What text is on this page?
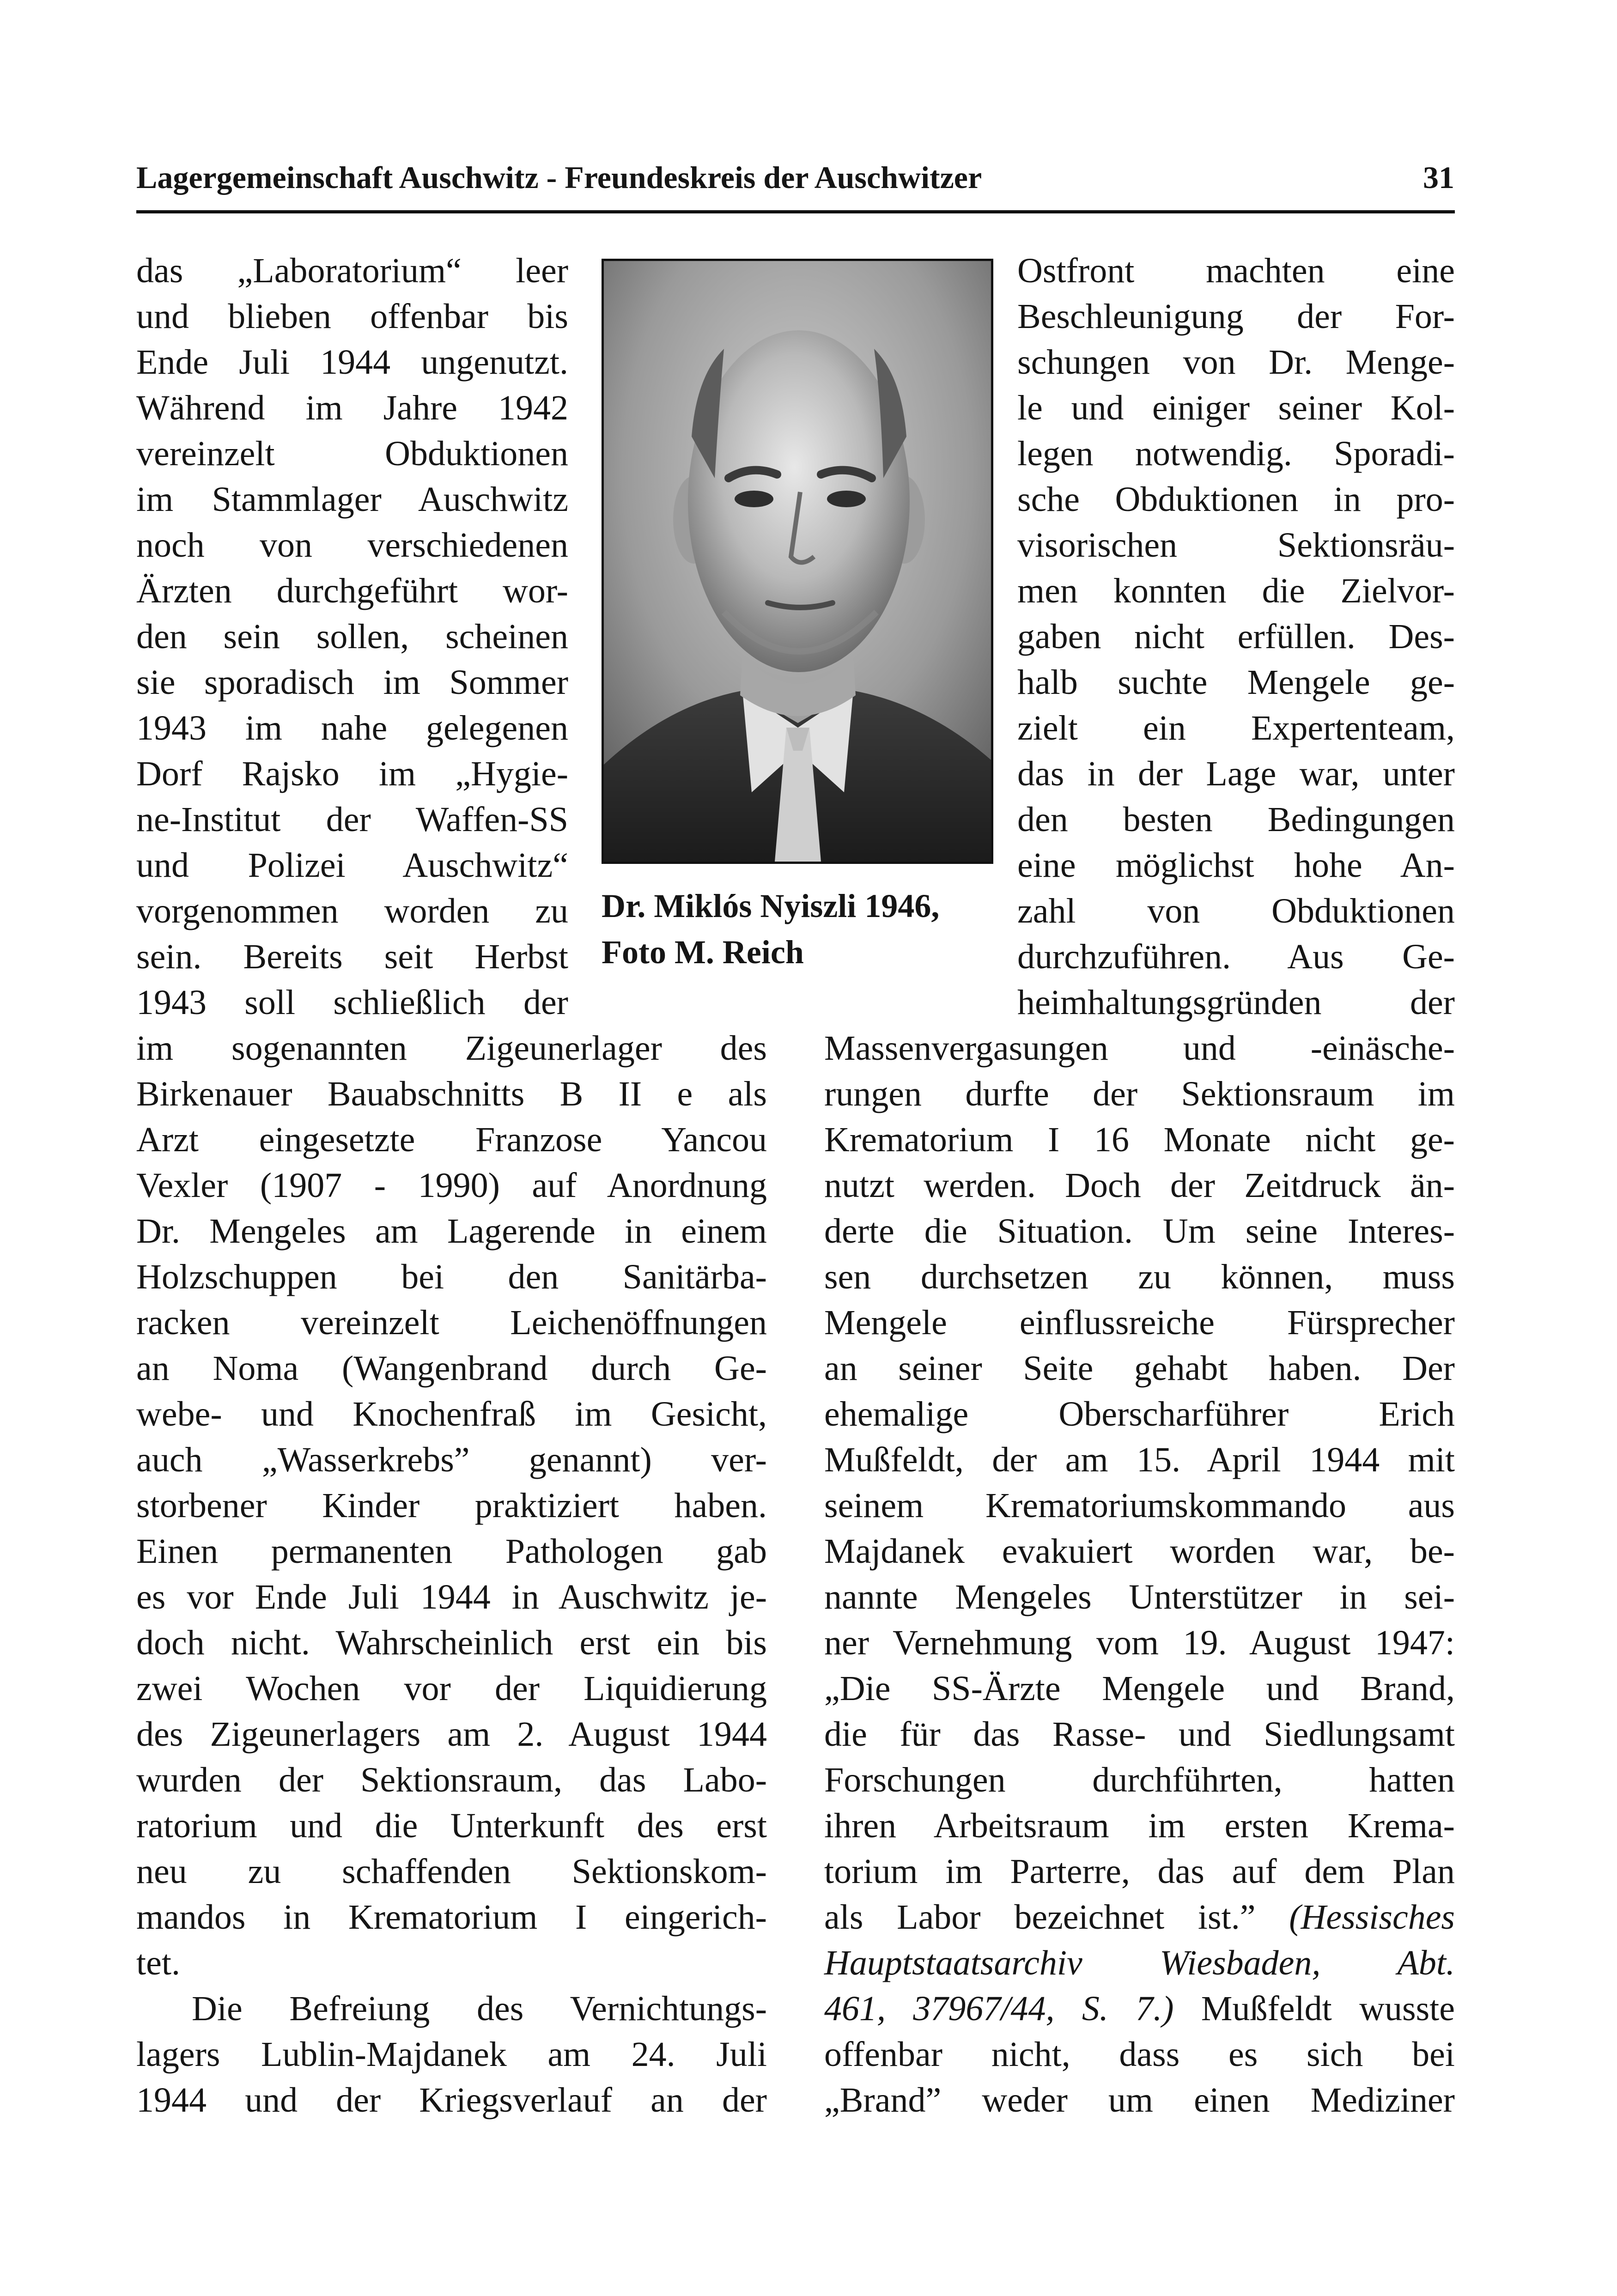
Lagergemeinschaft Auschwitz - Freundeskreis der Auschwitzer	31
Dr. Miklós Nyiszli 1946,
Foto M. Reich
das „Laboratorium“ leer
und blieben offenbar bis
Ende Juli 1944 ungenutzt.
Während im Jahre 1942
vereinzelt Obduktionen
im Stammlager Auschwitz
noch von verschiedenen
Ärzten durchgeführt wor-
den sein sollen, scheinen
sie sporadisch im Sommer
1943 im nahe gelegenen
Dorf Rajsko im „Hygie-
ne-Institut der Waffen-SS
und Polizei Auschwitz“
vorgenommen worden zu
sein. Bereits seit Herbst
1943 soll schließlich der
Ostfront machten eine
Beschleunigung der For-
schungen von Dr. Menge-
le und einiger seiner Kol-
legen notwendig. Sporadi-
sche Obduktionen in pro-
visorischen Sektionsräu-
men konnten die Zielvor-
gaben nicht erfüllen. Des-
halb suchte Mengele ge-
zielt ein Expertenteam,
das in der Lage war, unter
den besten Bedingungen
eine möglichst hohe An-
zahl von Obduktionen
durchzuführen. Aus Ge-
heimhaltungsgründen der
im sogenannten Zigeunerlager des
Birkenauer Bauabschnitts B II e als
Arzt eingesetzte Franzose Yancou
Vexler (1907 - 1990) auf Anordnung
Dr. Mengeles am Lagerende in einem
Holzschuppen bei den Sanitärba-
racken vereinzelt Leichenöffnungen
an Noma (Wangenbrand durch Ge-
webe- und Knochenfraß im Gesicht,
auch „Wasserkrebs” genannt) ver-
storbener Kinder praktiziert haben.
Einen permanenten Pathologen gab
es vor Ende Juli 1944 in Auschwitz je-
doch nicht. Wahrscheinlich erst ein bis
zwei Wochen vor der Liquidierung
des Zigeunerlagers am 2. August 1944
wurden der Sektionsraum, das Labo-
ratorium und die Unterkunft des erst
neu zu schaffenden Sektionskom-
mandos in Krematorium I eingerich-
tet.
Die Befreiung des Vernichtungs-
lagers Lublin-Majdanek am 24. Juli
1944 und der Kriegsverlauf an der
Massenvergasungen und -einäsche-
rungen durfte der Sektionsraum im
Krematorium I 16 Monate nicht ge-
nutzt werden. Doch der Zeitdruck än-
derte die Situation. Um seine Interes-
sen durchsetzen zu können, muss
Mengele einflussreiche Fürsprecher
an seiner Seite gehabt haben. Der
ehemalige Oberscharführer Erich
Mußfeldt, der am 15. April 1944 mit
seinem Krematoriumskommando aus
Majdanek evakuiert worden war, be-
nannte Mengeles Unterstützer in sei-
ner Vernehmung vom 19. August 1947:
„Die SS-Ärzte Mengele und Brand,
die für das Rasse- und Siedlungsamt
Forschungen durchführten, hatten
ihren Arbeitsraum im ersten Krema-
torium im Parterre, das auf dem Plan
als Labor bezeichnet ist.” (Hessisches
Hauptstaatsarchiv Wiesbaden, Abt.
461, 37967/44, S. 7.) Mußfeldt wusste
offenbar nicht, dass es sich bei
„Brand” weder um einen Mediziner
